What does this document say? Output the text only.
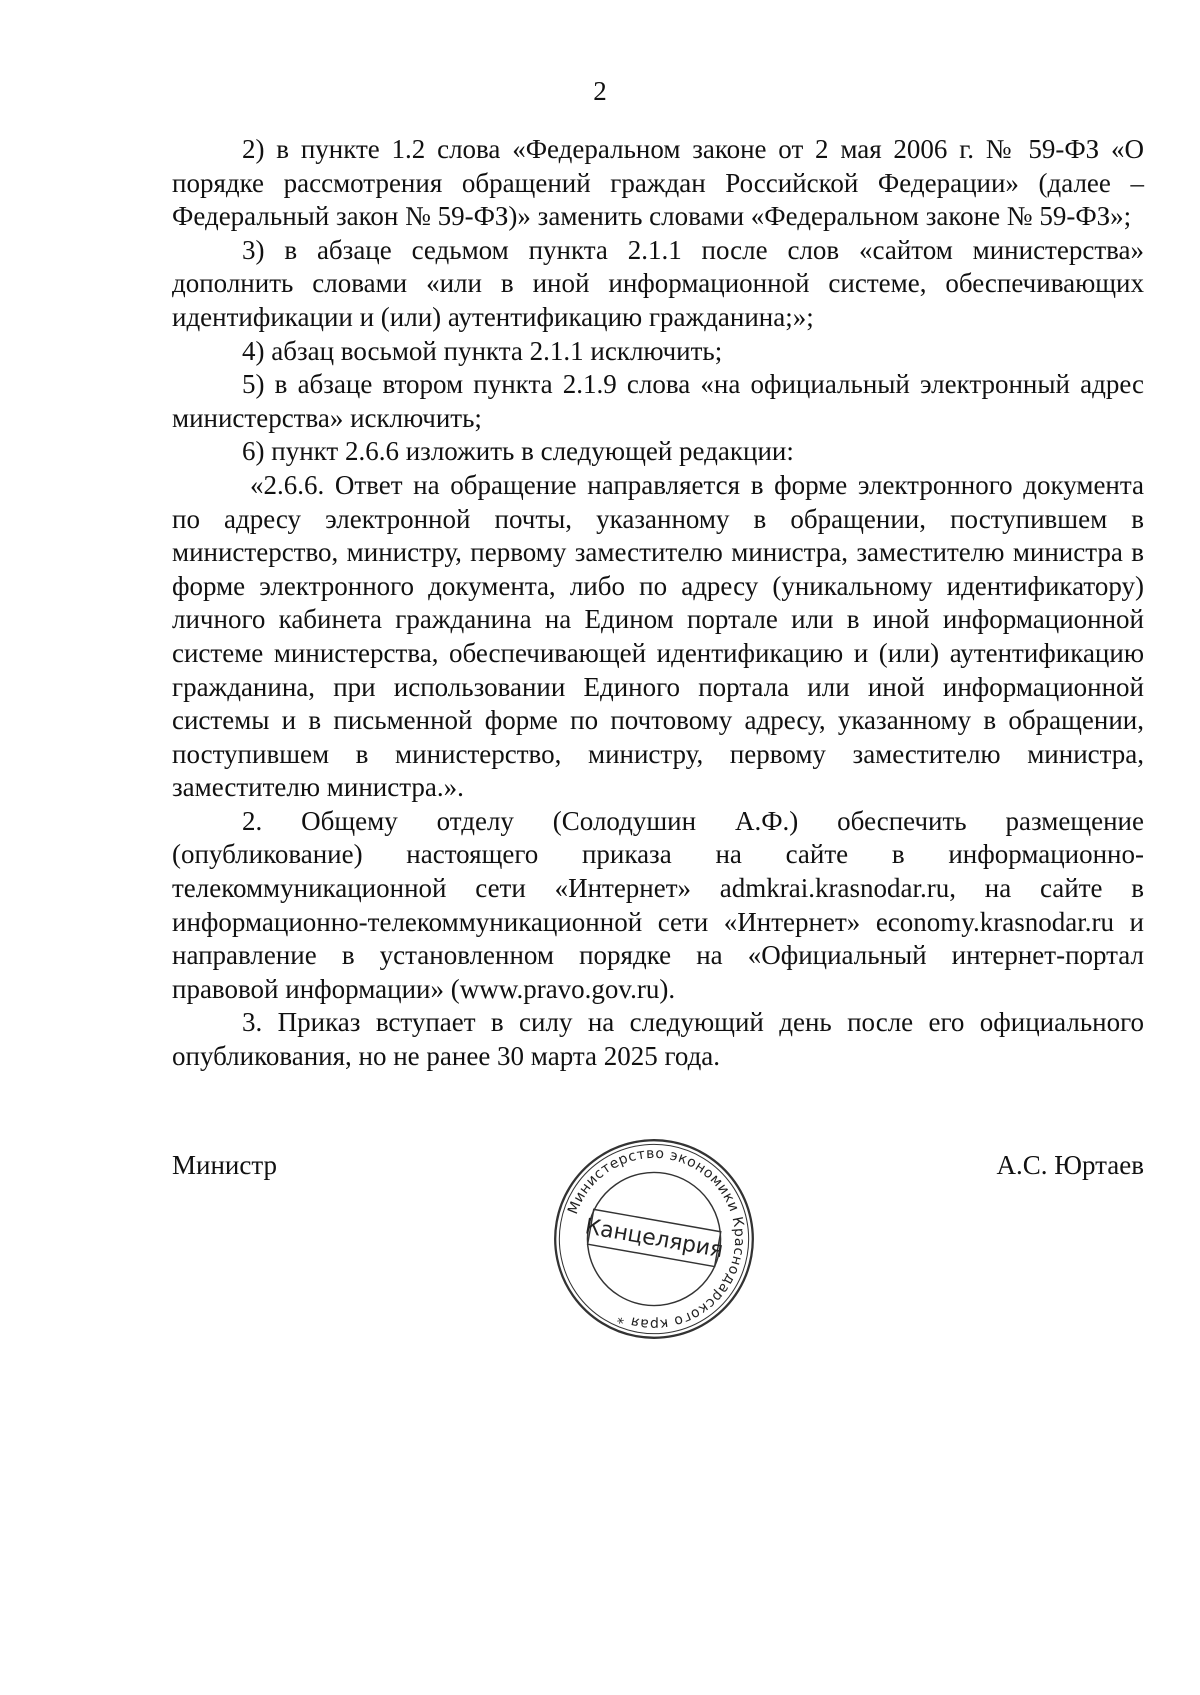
2

2) в пункте 1.2 слова «Федеральном законе от 2 мая 2006 г. № 59-ФЗ «О порядке рассмотрения обращений граждан Российской Федерации» (далее – Федеральный закон № 59-ФЗ)» заменить словами «Федеральном законе № 59-ФЗ»;

3) в абзаце седьмом пункта 2.1.1 после слов «сайтом министерства» дополнить словами «или в иной информационной системе, обеспечивающих идентификации и (или) аутентификацию гражданина;»;

4) абзац восьмой пункта 2.1.1 исключить;

5) в абзаце втором пункта 2.1.9 слова «на официальный электронный адрес министерства» исключить;

6) пункт 2.6.6 изложить в следующей редакции:

«2.6.6. Ответ на обращение направляется в форме электронного документа по адресу электронной почты, указанному в обращении, поступившем в министерство, министру, первому заместителю министра, заместителю министра в форме электронного документа, либо по адресу (уникальному идентификатору) личного кабинета гражданина на Едином портале или в иной информационной системе министерства, обеспечивающей идентификацию и (или) аутентификацию гражданина, при использовании Единого портала или иной информационной системы и в письменной форме по почтовому адресу, указанному в обращении, поступившем в министерство, министру, первому заместителю министра, заместителю министра.».

2. Общему отделу (Солодушин А.Ф.) обеспечить размещение (опубликование) настоящего приказа на сайте в информационно-телекоммуникационной сети «Интернет» admkrai.krasnodar.ru, на сайте в информационно-телекоммуникационной сети «Интернет» economy.krasnodar.ru и направление в установленном порядке на «Официальный интернет-портал правовой информации» (www.pravo.gov.ru).

3. Приказ вступает в силу на следующий день после его официального опубликования, но не ранее 30 марта 2025 года.

Министр	А.С. Юртаев
Министерство экономики Краснодарского края *
Канцелярия
